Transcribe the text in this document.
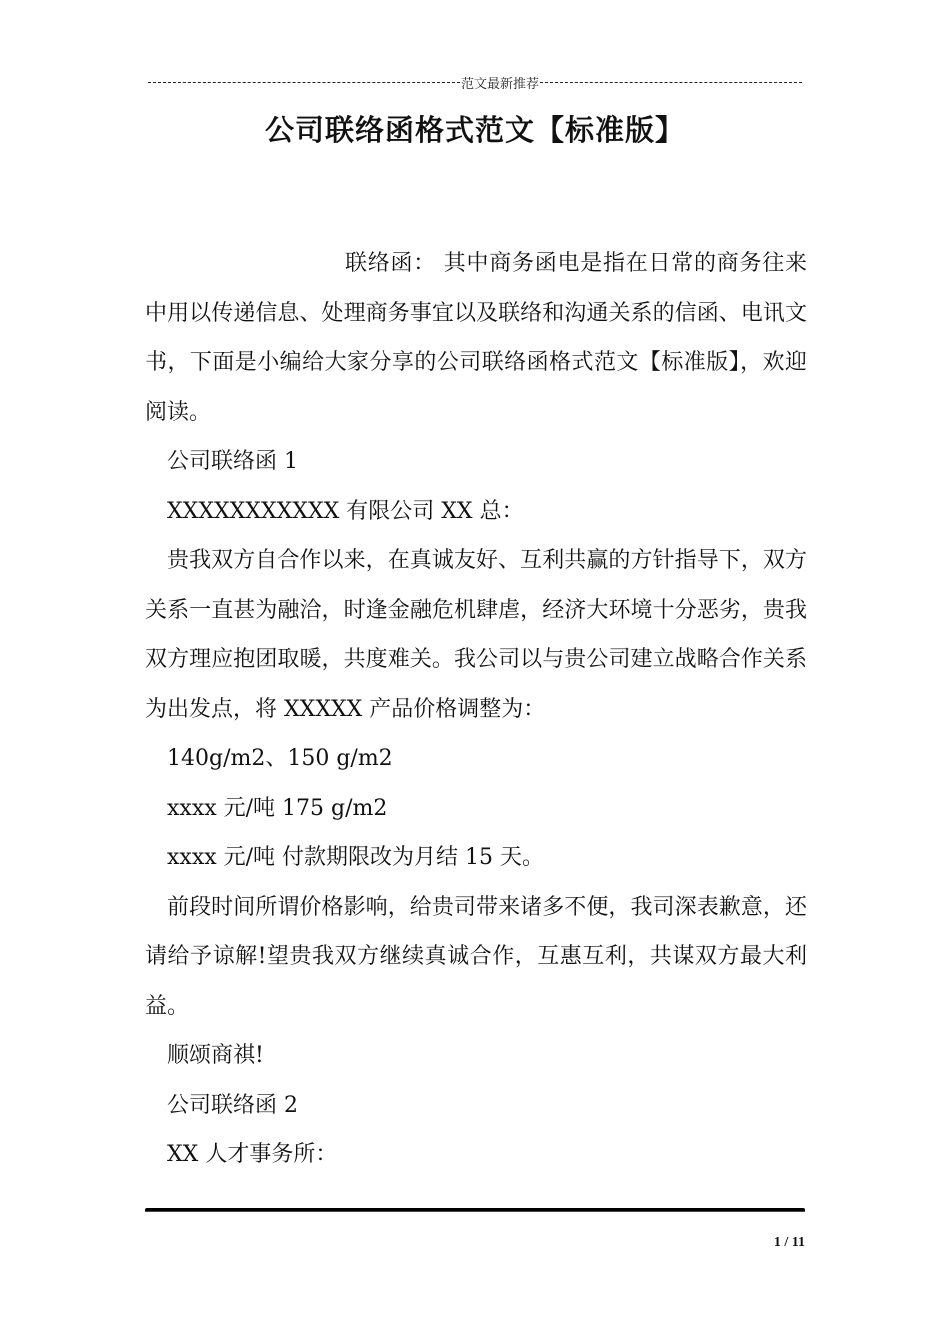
范文最新推荐
公司联络函格式范文【标准版】

联络函： 其中商务函电是指在日常的商务往来中用以传递信息、处理商务事宜以及联络和沟通关系的信函、电讯文书，下面是小编给大家分享的公司联络函格式范文【标准版】，欢迎阅读。

公司联络函 1

XXXXXXXXXXX 有限公司 XX 总：

贵我双方自合作以来，在真诚友好、互利共赢的方针指导下，双方关系一直甚为融洽，时逢金融危机肆虐，经济大环境十分恶劣，贵我双方理应抱团取暖，共度难关。我公司以与贵公司建立战略合作关系为出发点，将 XXXXX 产品价格调整为：

140g/m2、150 g/m2

xxxx 元/吨 175 g/m2

xxxx 元/吨 付款期限改为月结 15 天。

前段时间所谓价格影响，给贵司带来诸多不便，我司深表歉意，还请给予谅解!望贵我双方继续真诚合作，互惠互利，共谋双方最大利益。

顺颂商祺!

公司联络函 2

XX 人才事务所：

1 / 11
